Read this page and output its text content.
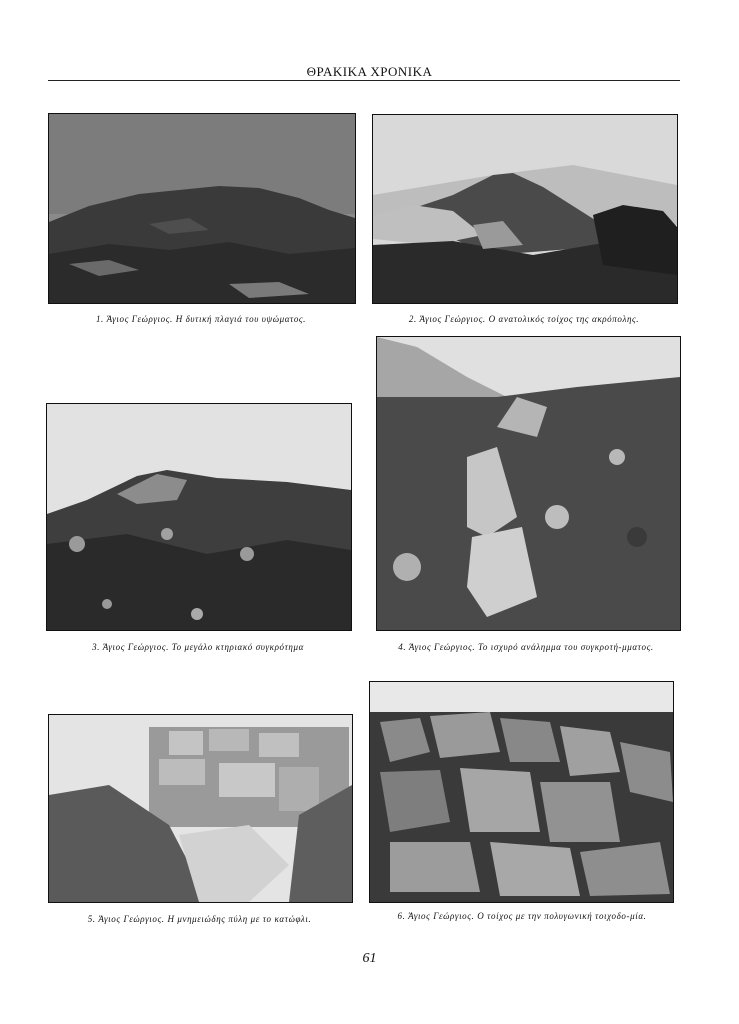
ΘΡΑΚΙΚΑ ΧΡΟΝΙΚΑ
1. Άγιος Γεώργιος. Η δυτική πλαγιά του υψώματος.	2. Άγιος Γεώργιος. Ο ανατολικός τοίχος της ακρόπολης.
3. Άγιος Γεώργιος. Το μεγάλο κτηριακό συγκρότημα	4. Άγιος Γεώργιος. Το ισχυρό ανάλημμα του συγκροτή-μματος.
5. Άγιος Γεώργιος. Η μνημειώδης πύλη με το κατώφλι.	6. Άγιος Γεώργιος. Ο τοίχος με την πολυγωνική τοιχοδο-μία.
61
